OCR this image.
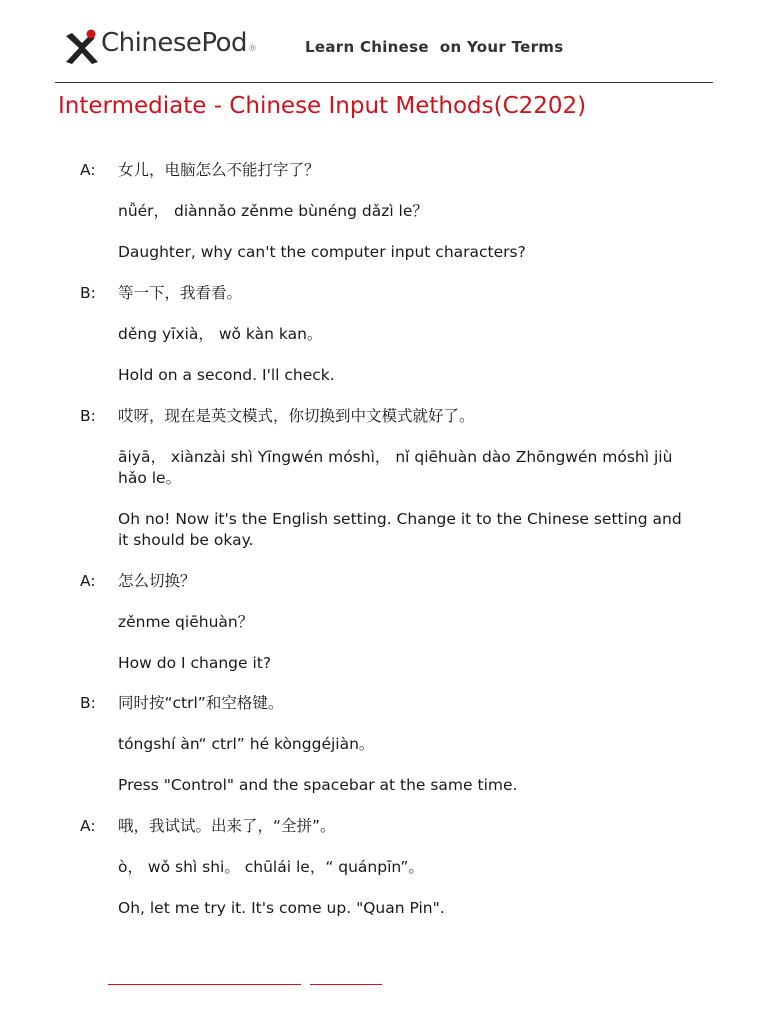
ChinesePod®	Learn Chinese  on Your Terms
Intermediate - Chinese Input Methods(C2202)
A:	女儿，电脑怎么不能打字了？
nǚér， diànnǎo zěnme bùnéng dǎzì le？
Daughter, why can't the computer input characters?
B:	等一下，我看看。
děng yīxià， wǒ kàn kan。
Hold on a second. I'll check.
B:	哎呀，现在是英文模式，你切换到中文模式就好了。
āiyā， xiànzài shì Yīngwén móshì， nǐ qiēhuàn dào Zhōngwén móshì jiù hǎo le。
Oh no! Now it's the English setting. Change it to the Chinese setting and it should be okay.
A:	怎么切换？
zěnme qiēhuàn？
How do I change it?
B:	同时按“ctrl”和空格键。
tóngshí àn“ ctrl” hé kònggéjiàn。
Press "Control" and the spacebar at the same time.
A:	哦，我试试。出来了，“全拼”。
ò， wǒ shì shi。 chūlái le，“ quánpīn”。
Oh, let me try it. It's come up. "Quan Pin".
